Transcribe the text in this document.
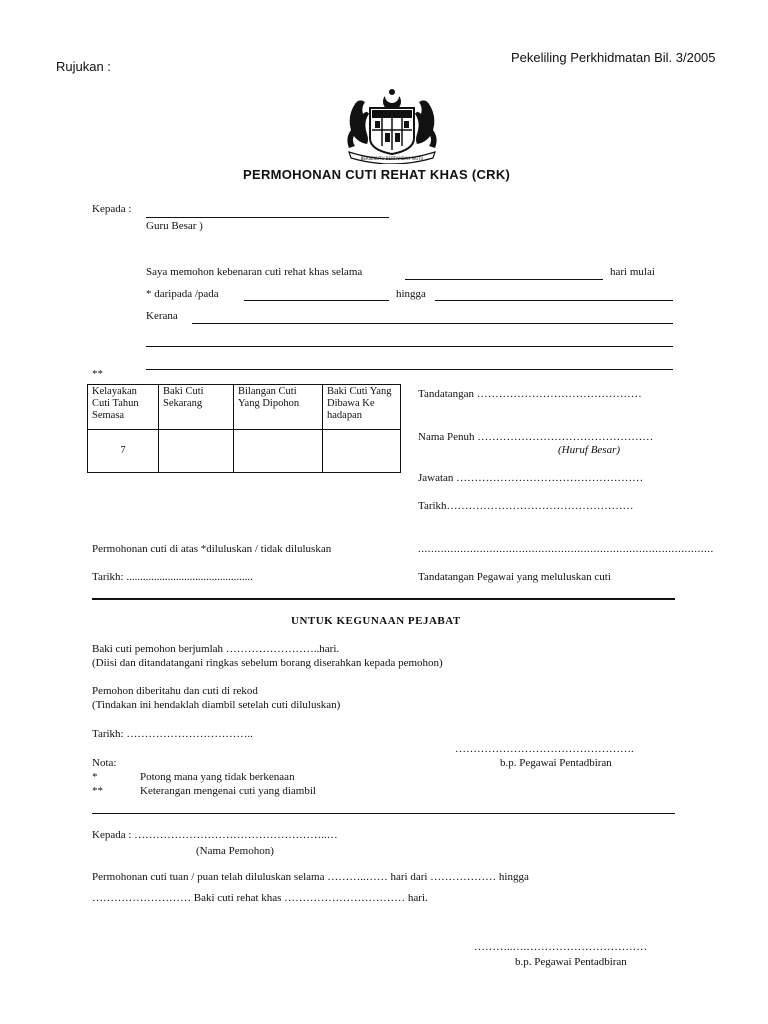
Rujukan :
Pekeliling Perkhidmatan Bil. 3/2005
BERSEKUTU BERTAMBAH MUTU
PERMOHONAN CUTI REHAT KHAS (CRK)
Kepada :
Guru Besar )
Saya memohon kebenaran cuti rehat khas selama	hari mulai
* daripada /pada	hingga
Kerana
**
Kelayakan Cuti Tahun Semasa	Baki Cuti Sekarang	Bilangan Cuti Yang Dipohon	Baki Cuti Yang Dibawa Ke hadapan
7			
Tandatangan ………………………………………
Nama Penuh …………………………………………
(Huruf Besar)
Jawatan ……………………………………………
Tarikh……………………………………………
Permohonan cuti di atas *diluluskan / tidak diluluskan	...........................................................................................
Tarikh: ..............................................	Tandatangan Pegawai yang meluluskan cuti
UNTUK KEGUNAAN PEJABAT
Baki cuti pemohon berjumlah ……………………..hari.
(Diisi dan ditandatangani ringkas sebelum borang diserahkan kepada pemohon)
Pemohon diberitahu dan cuti di rekod
(Tindakan ini hendaklah diambil setelah cuti diluluskan)
Tarikh: ……………………………..
………………………………………….
Nota:	b.p. Pegawai Pentadbiran
*	Potong mana yang tidak berkenaan
**	Keterangan mengenai cuti yang diambil
Kepada : ……………………………………………..…
(Nama Pemohon)
Permohonan cuti tuan / puan telah diluluskan selama ………..…… hari dari ……………… hingga
……………………… Baki cuti rehat khas …………………………… hari.
………..….……………………………
b.p. Pegawai Pentadbiran
